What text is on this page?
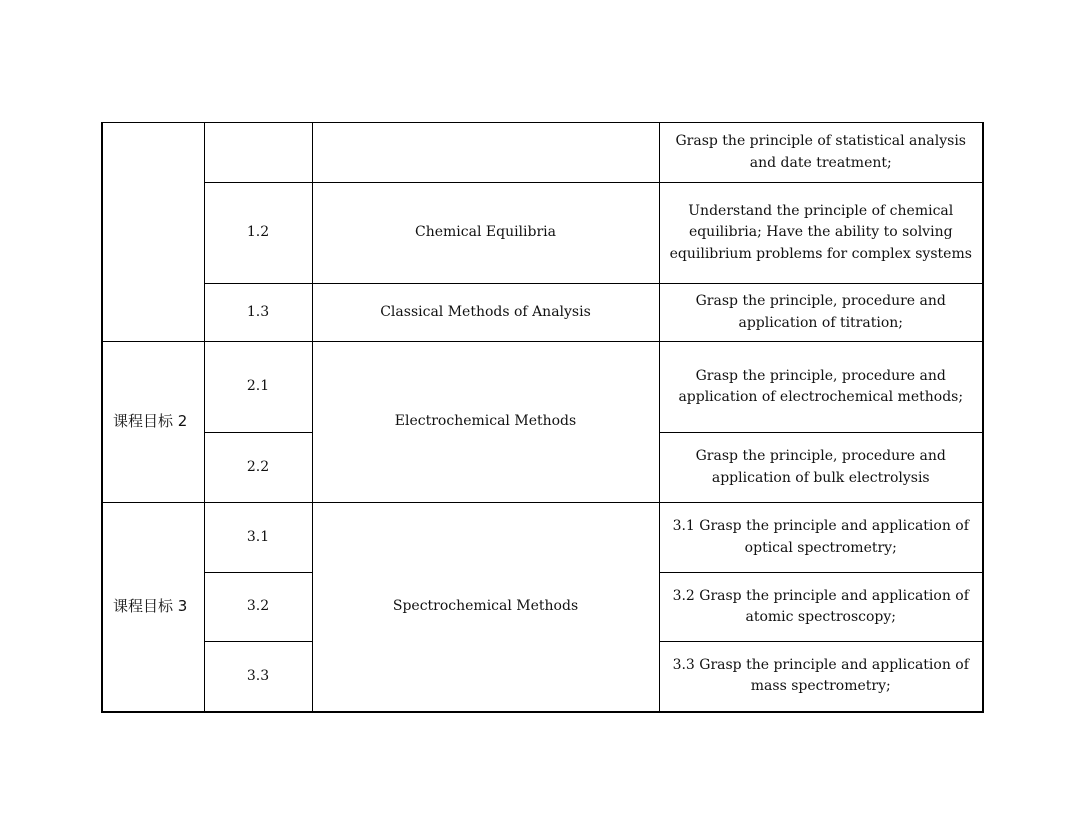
			Grasp the principle of statistical analysis and date treatment;
	1.2	Chemical Equilibria	Understand the principle of chemical equilibria; Have the ability to solving equilibrium problems for complex systems
	1.3	Classical Methods of Analysis	Grasp the principle, procedure and application of titration;
课程目标 2	2.1	Electrochemical Methods	Grasp the principle, procedure and application of electrochemical methods;
	2.2		Grasp the principle, procedure and application of bulk electrolysis
课程目标 3	3.1	Spectrochemical Methods	3.1 Grasp the principle and application of optical spectrometry;
	3.2		3.2 Grasp the principle and application of atomic spectroscopy;
	3.3		3.3 Grasp the principle and application of mass spectrometry;
